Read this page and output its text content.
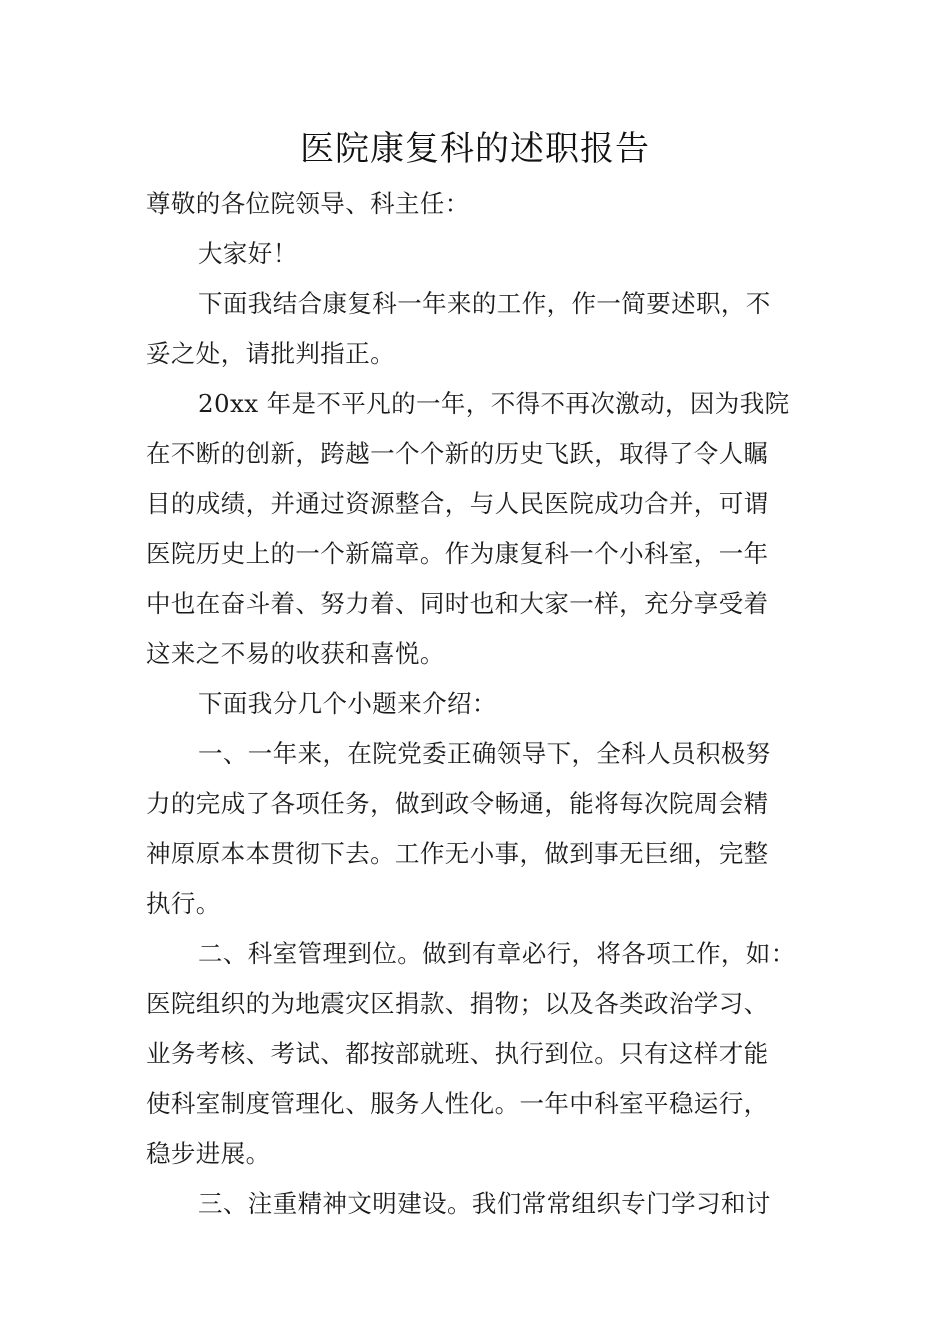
医院康复科的述职报告
尊敬的各位院领导、科主任：
大家好！
下面我结合康复科一年来的工作，作一简要述职，不
妥之处，请批判指正。
20xx 年是不平凡的一年，不得不再次激动，因为我院
在不断的创新，跨越一个个新的历史飞跃，取得了令人瞩
目的成绩，并通过资源整合，与人民医院成功合并，可谓
医院历史上的一个新篇章。作为康复科一个小科室，一年
中也在奋斗着、努力着、同时也和大家一样，充分享受着
这来之不易的收获和喜悦。
下面我分几个小题来介绍：
一、一年来，在院党委正确领导下，全科人员积极努
力的完成了各项任务，做到政令畅通，能将每次院周会精
神原原本本贯彻下去。工作无小事，做到事无巨细，完整
执行。
二、科室管理到位。做到有章必行，将各项工作，如：
医院组织的为地震灾区捐款、捐物；以及各类政治学习、
业务考核、考试、都按部就班、执行到位。只有这样才能
使科室制度管理化、服务人性化。一年中科室平稳运行，
稳步进展。
三、注重精神文明建设。我们常常组织专门学习和讨
